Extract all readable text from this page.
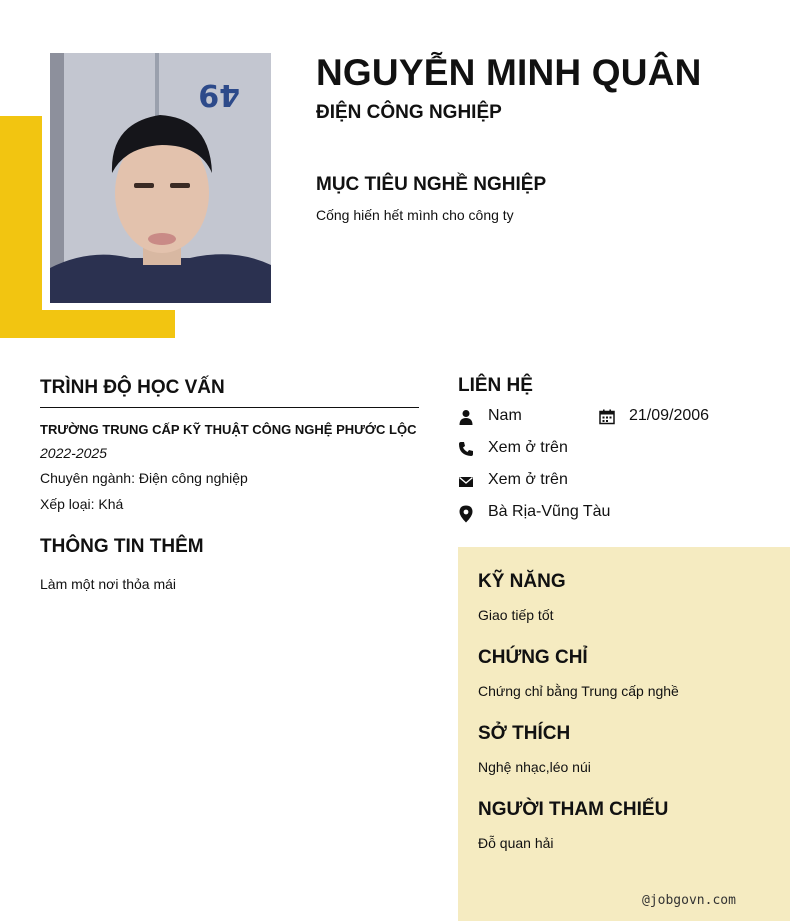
49
NGUYỄN MINH QUÂN
ĐIỆN CÔNG NGHIỆP
MỤC TIÊU NGHỀ NGHIỆP
Cống hiến hết mình cho công ty
TRÌNH ĐỘ HỌC VẤN
TRƯỜNG TRUNG CẤP KỸ THUẬT CÔNG NGHỆ PHƯỚC LỘC
2022-2025
Chuyên ngành: Điện công nghiệp
Xếp loại: Khá
THÔNG TIN THÊM
Làm một nơi thỏa mái
LIÊN HỆ
Nam	21/09/2006
Xem ở trên
Xem ở trên
Bà Rịa-Vũng Tàu
KỸ NĂNG
Giao tiếp tốt
CHỨNG CHỈ
Chứng chỉ bằng Trung cấp nghề
SỞ THÍCH
Nghệ nhạc,léo núi
NGƯỜI THAM CHIẾU
Đỗ quan hải
@jobgovn.com
